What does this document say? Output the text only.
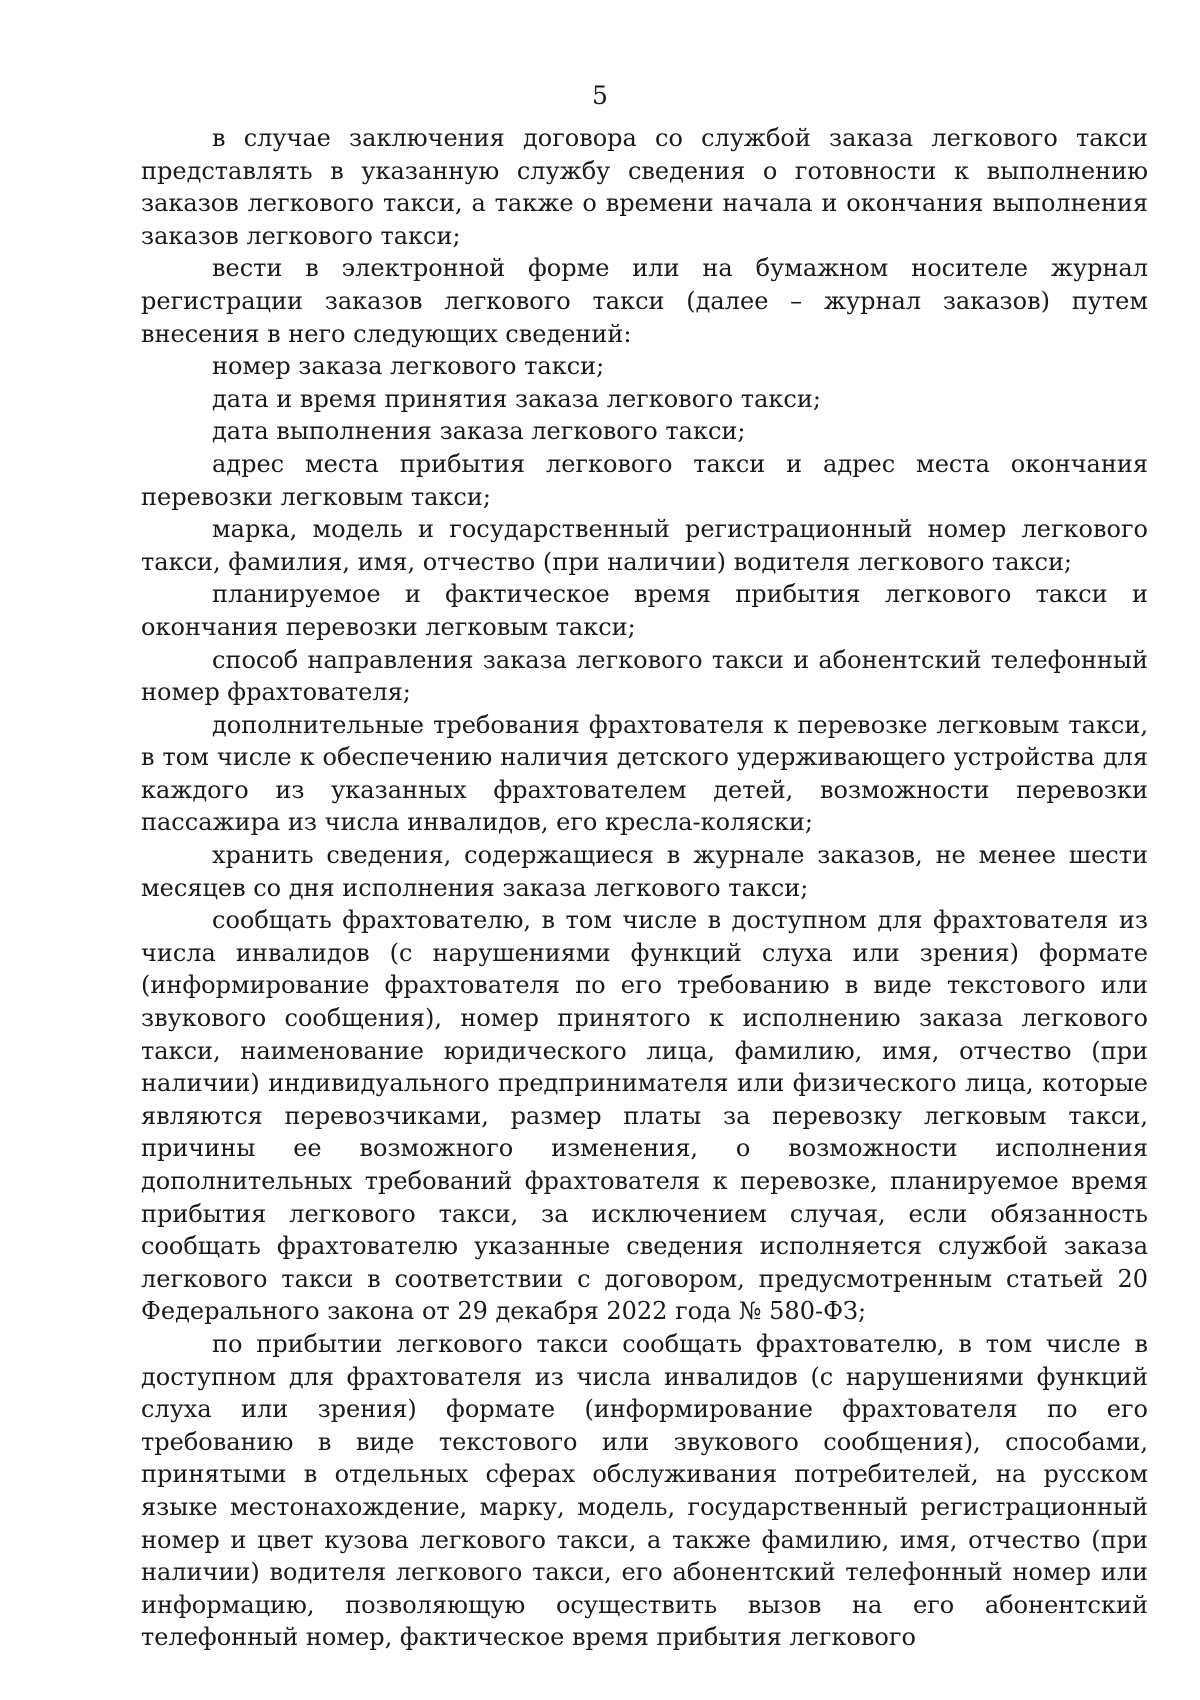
5

в случае заключения договора со службой заказа легкового такси представлять в указанную службу сведения о готовности к выполнению заказов легкового такси, а также о времени начала и окончания выполнения заказов легкового такси;

вести в электронной форме или на бумажном носителе журнал регистрации заказов легкового такси (далее – журнал заказов) путем внесения в него следующих сведений:

номер заказа легкового такси;

дата и время принятия заказа легкового такси;

дата выполнения заказа легкового такси;

адрес места прибытия легкового такси и адрес места окончания перевозки легковым такси;

марка, модель и государственный регистрационный номер легкового такси, фамилия, имя, отчество (при наличии) водителя легкового такси;

планируемое и фактическое время прибытия легкового такси и окончания перевозки легковым такси;

способ направления заказа легкового такси и абонентский телефонный номер фрахтователя;

дополнительные требования фрахтователя к перевозке легковым такси, в том числе к обеспечению наличия детского удерживающего устройства для каждого из указанных фрахтователем детей, возможности перевозки пассажира из числа инвалидов, его кресла-коляски;

хранить сведения, содержащиеся в журнале заказов, не менее шести месяцев со дня исполнения заказа легкового такси;

сообщать фрахтователю, в том числе в доступном для фрахтователя из числа инвалидов (с нарушениями функций слуха или зрения) формате (информирование фрахтователя по его требованию в виде текстового или звукового сообщения), номер принятого к исполнению заказа легкового такси, наименование юридического лица, фамилию, имя, отчество (при наличии) индивидуального предпринимателя или физического лица, которые являются перевозчиками, размер платы за перевозку легковым такси, причины ее возможного изменения, о возможности исполнения дополнительных требований фрахтователя к перевозке, планируемое время прибытия легкового такси, за исключением случая, если обязанность сообщать фрахтователю указанные сведения исполняется службой заказа легкового такси в соответствии с договором, предусмотренным статьей 20 Федерального закона от 29 декабря 2022 года № 580-ФЗ;

по прибытии легкового такси сообщать фрахтователю, в том числе в доступном для фрахтователя из числа инвалидов (с нарушениями функций слуха или зрения) формате (информирование фрахтователя по его требованию в виде текстового или звукового сообщения), способами, принятыми в отдельных сферах обслуживания потребителей, на русском языке местонахождение, марку, модель, государственный регистрационный номер и цвет кузова легкового такси, а также фамилию, имя, отчество (при наличии) водителя легкового такси, его абонентский телефонный номер или информацию, позволяющую осуществить вызов на его абонентский телефонный номер, фактическое время прибытия легкового
